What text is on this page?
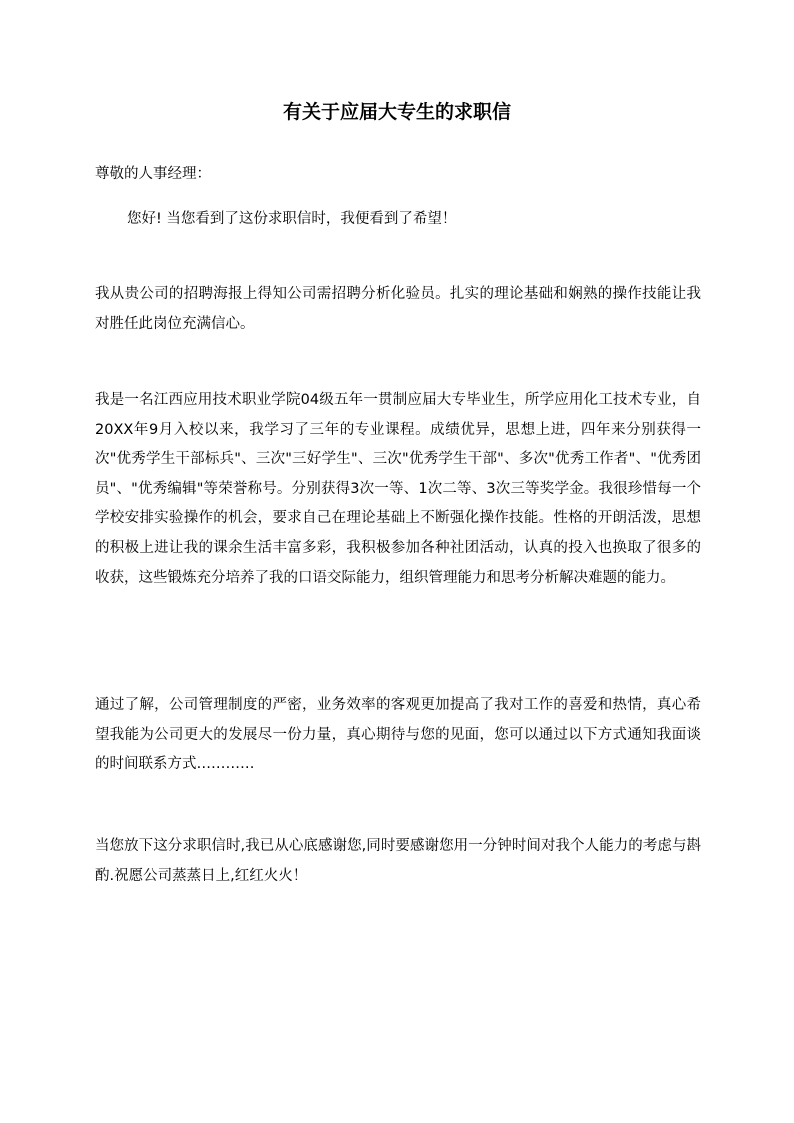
有关于应届大专生的求职信

尊敬的人事经理：

您好! 当您看到了这份求职信时，我便看到了希望！

我从贵公司的招聘海报上得知公司需招聘分析化验员。扎实的理论基础和娴熟的操作技能让我对胜任此岗位充满信心。

我是一名江西应用技术职业学院04级五年一贯制应届大专毕业生，所学应用化工技术专业，自20XX年9月入校以来，我学习了三年的专业课程。成绩优异，思想上进，四年来分别获得一次"优秀学生干部标兵"、三次"三好学生"、三次"优秀学生干部"、多次"优秀工作者"、"优秀团员"、"优秀编辑"等荣誉称号。分别获得3次一等、1次二等、3次三等奖学金。我很珍惜每一个学校安排实验操作的机会，要求自己在理论基础上不断强化操作技能。性格的开朗活泼，思想的积极上进让我的课余生活丰富多彩，我积极参加各种社团活动，认真的投入也换取了很多的收获，这些锻炼充分培养了我的口语交际能力，组织管理能力和思考分析解决难题的能力。

通过了解，公司管理制度的严密，业务效率的客观更加提高了我对工作的喜爱和热情，真心希望我能为公司更大的发展尽一份力量，真心期待与您的见面，您可以通过以下方式通知我面谈的时间联系方式…………

当您放下这分求职信时,我已从心底感谢您,同时要感谢您用一分钟时间对我个人能力的考虑与斟酌.祝愿公司蒸蒸日上,红红火火！
